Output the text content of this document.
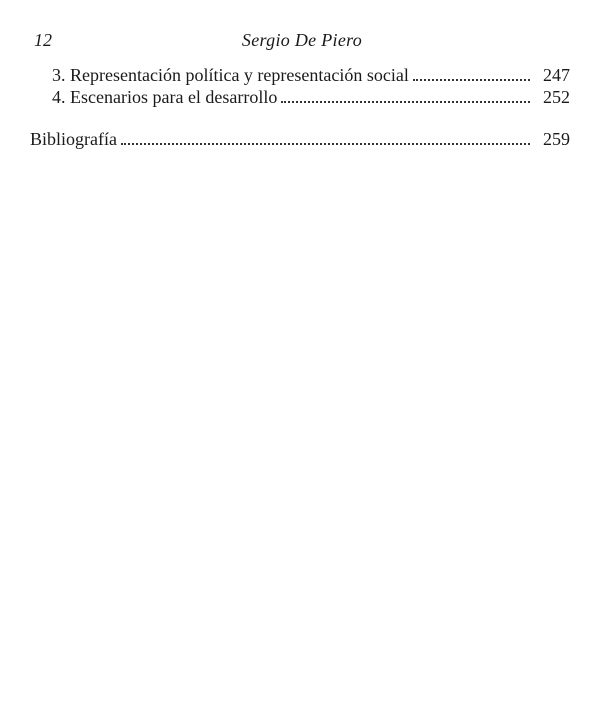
12	Sergio De Piero
3. Representación política y representación social	247
4. Escenarios para el desarrollo	252
Bibliografía	259
